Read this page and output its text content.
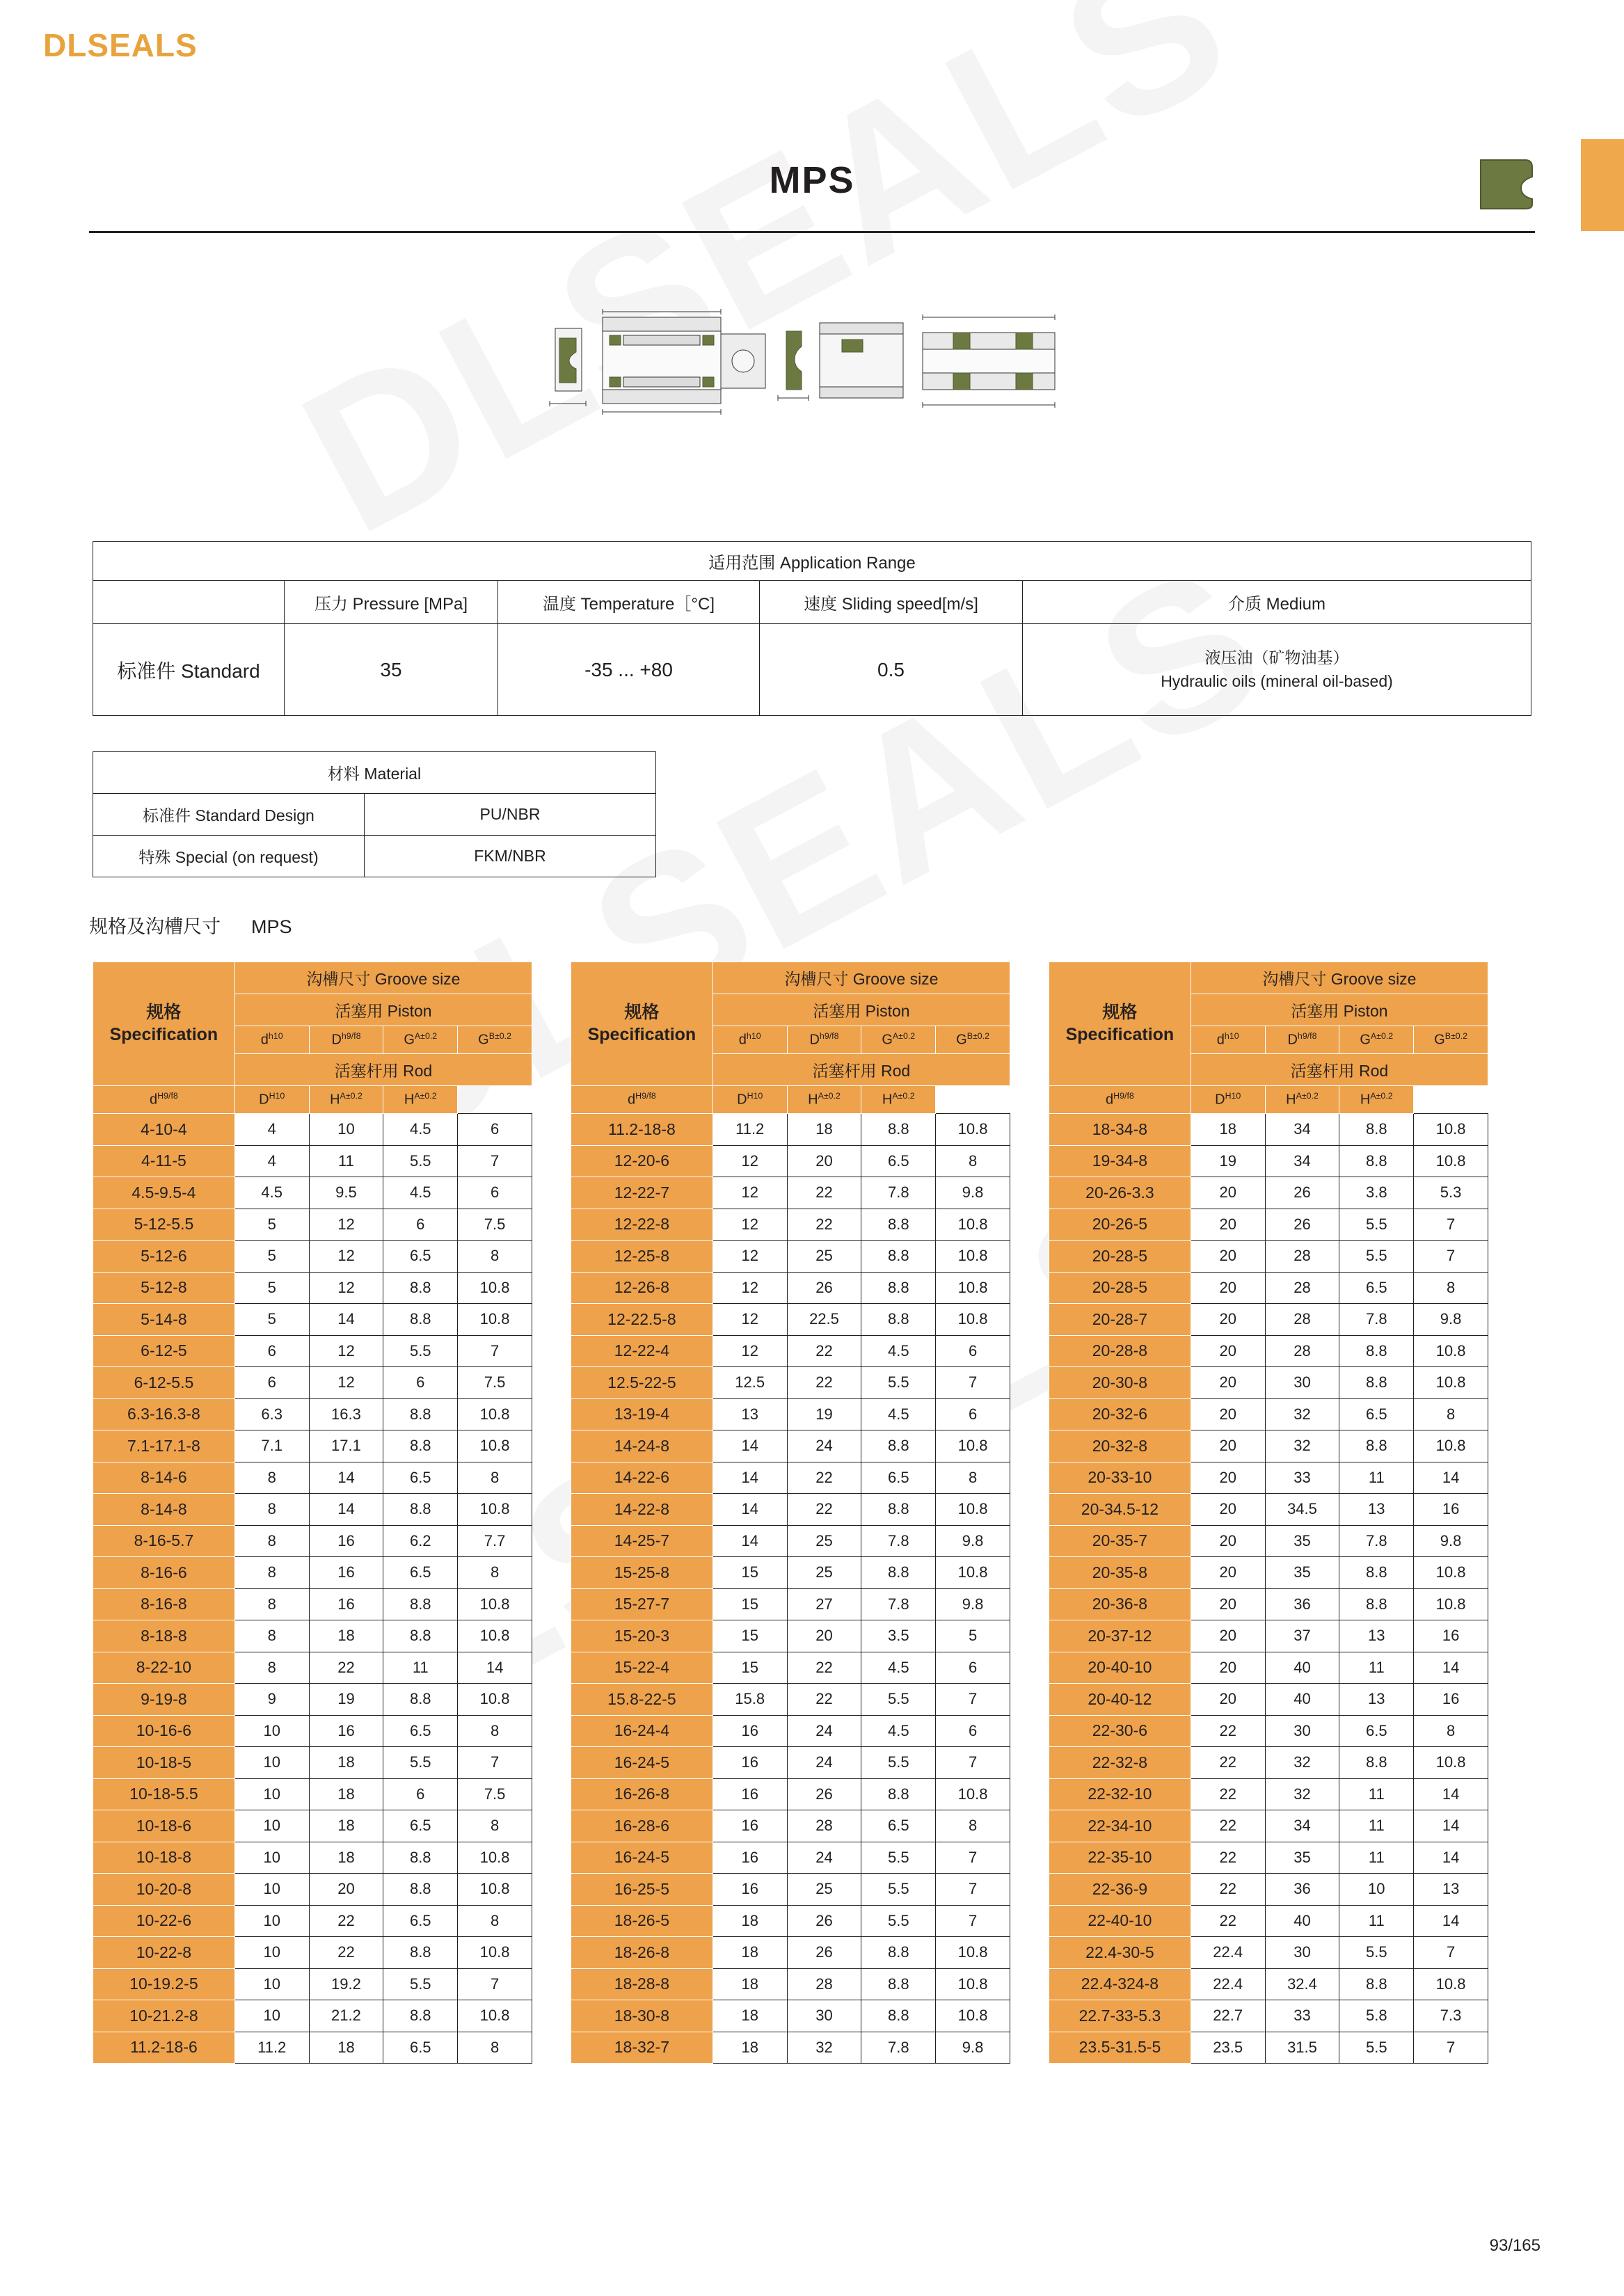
DLSEALS
MPS
适用范围 Application Range				
	压力 Pressure [MPa]	温度 Temperature［°C]	速度 Sliding speed[m/s]	介质 Medium
标准件 Standard	35	-35 ... +80	0.5	液压油（矿物油基）
Hydraulic oils (mineral oil-based)
材料 Material	
标准件 Standard Design	PU/NBR
特殊 Special (on request)	FKM/NBR
规格及沟槽尺寸 MPS
规格
Specification	沟槽尺寸 Groove size			
	活塞用 Piston			
	$d^{h10}$	$D^{h9/f8}$	$G^{A\pm 0.2}$	$G^{B\pm 0.2}$
	活塞杆用 Rod			
$d^{H9/f8}$	$D^{H10}$	$H^{A\pm 0.2}$	$H^{A\pm 0.2}$
4-10-4	4	10	4.5	6
4-11-5	4	11	5.5	7
4.5-9.5-4	4.5	9.5	4.5	6
5-12-5.5	5	12	6	7.5
5-12-6	5	12	6.5	8
5-12-8	5	12	8.8	10.8
5-14-8	5	14	8.8	10.8
6-12-5	6	12	5.5	7
6-12-5.5	6	12	6	7.5
6.3-16.3-8	6.3	16.3	8.8	10.8
7.1-17.1-8	7.1	17.1	8.8	10.8
8-14-6	8	14	6.5	8
8-14-8	8	14	8.8	10.8
8-16-5.7	8	16	6.2	7.7
8-16-6	8	16	6.5	8
8-16-8	8	16	8.8	10.8
8-18-8	8	18	8.8	10.8
8-22-10	8	22	11	14
9-19-8	9	19	8.8	10.8
10-16-6	10	16	6.5	8
10-18-5	10	18	5.5	7
10-18-5.5	10	18	6	7.5
10-18-6	10	18	6.5	8
10-18-8	10	18	8.8	10.8
10-20-8	10	20	8.8	10.8
10-22-6	10	22	6.5	8
10-22-8	10	22	8.8	10.8
10-19.2-5	10	19.2	5.5	7
10-21.2-8	10	21.2	8.8	10.8
11.2-18-6	11.2	18	6.5	8
规格
Specification	沟槽尺寸 Groove size			
	活塞用 Piston			
	$d^{h10}$	$D^{h9/f8}$	$G^{A\pm 0.2}$	$G^{B\pm 0.2}$
	活塞杆用 Rod			
$d^{H9/f8}$	$D^{H10}$	$H^{A\pm 0.2}$	$H^{A\pm 0.2}$
11.2-18-8	11.2	18	8.8	10.8
12-20-6	12	20	6.5	8
12-22-7	12	22	7.8	9.8
12-22-8	12	22	8.8	10.8
12-25-8	12	25	8.8	10.8
12-26-8	12	26	8.8	10.8
12-22.5-8	12	22.5	8.8	10.8
12-22-4	12	22	4.5	6
12.5-22-5	12.5	22	5.5	7
13-19-4	13	19	4.5	6
14-24-8	14	24	8.8	10.8
14-22-6	14	22	6.5	8
14-22-8	14	22	8.8	10.8
14-25-7	14	25	7.8	9.8
15-25-8	15	25	8.8	10.8
15-27-7	15	27	7.8	9.8
15-20-3	15	20	3.5	5
15-22-4	15	22	4.5	6
15.8-22-5	15.8	22	5.5	7
16-24-4	16	24	4.5	6
16-24-5	16	24	5.5	7
16-26-8	16	26	8.8	10.8
16-28-6	16	28	6.5	8
16-24-5	16	24	5.5	7
16-25-5	16	25	5.5	7
18-26-5	18	26	5.5	7
18-26-8	18	26	8.8	10.8
18-28-8	18	28	8.8	10.8
18-30-8	18	30	8.8	10.8
18-32-7	18	32	7.8	9.8
规格
Specification	沟槽尺寸 Groove size			
	活塞用 Piston			
	$d^{h10}$	$D^{h9/f8}$	$G^{A\pm 0.2}$	$G^{B\pm 0.2}$
	活塞杆用 Rod			
$d^{H9/f8}$	$D^{H10}$	$H^{A\pm 0.2}$	$H^{A\pm 0.2}$
18-34-8	18	34	8.8	10.8
19-34-8	19	34	8.8	10.8
20-26-3.3	20	26	3.8	5.3
20-26-5	20	26	5.5	7
20-28-5	20	28	5.5	7
20-28-5	20	28	6.5	8
20-28-7	20	28	7.8	9.8
20-28-8	20	28	8.8	10.8
20-30-8	20	30	8.8	10.8
20-32-6	20	32	6.5	8
20-32-8	20	32	8.8	10.8
20-33-10	20	33	11	14
20-34.5-12	20	34.5	13	16
20-35-7	20	35	7.8	9.8
20-35-8	20	35	8.8	10.8
20-36-8	20	36	8.8	10.8
20-37-12	20	37	13	16
20-40-10	20	40	11	14
20-40-12	20	40	13	16
22-30-6	22	30	6.5	8
22-32-8	22	32	8.8	10.8
22-32-10	22	32	11	14
22-34-10	22	34	11	14
22-35-10	22	35	11	14
22-36-9	22	36	10	13
22-40-10	22	40	11	14
22.4-30-5	22.4	30	5.5	7
22.4-324-8	22.4	32.4	8.8	10.8
22.7-33-5.3	22.7	33	5.8	7.3
23.5-31.5-5	23.5	31.5	5.5	7
93/165
